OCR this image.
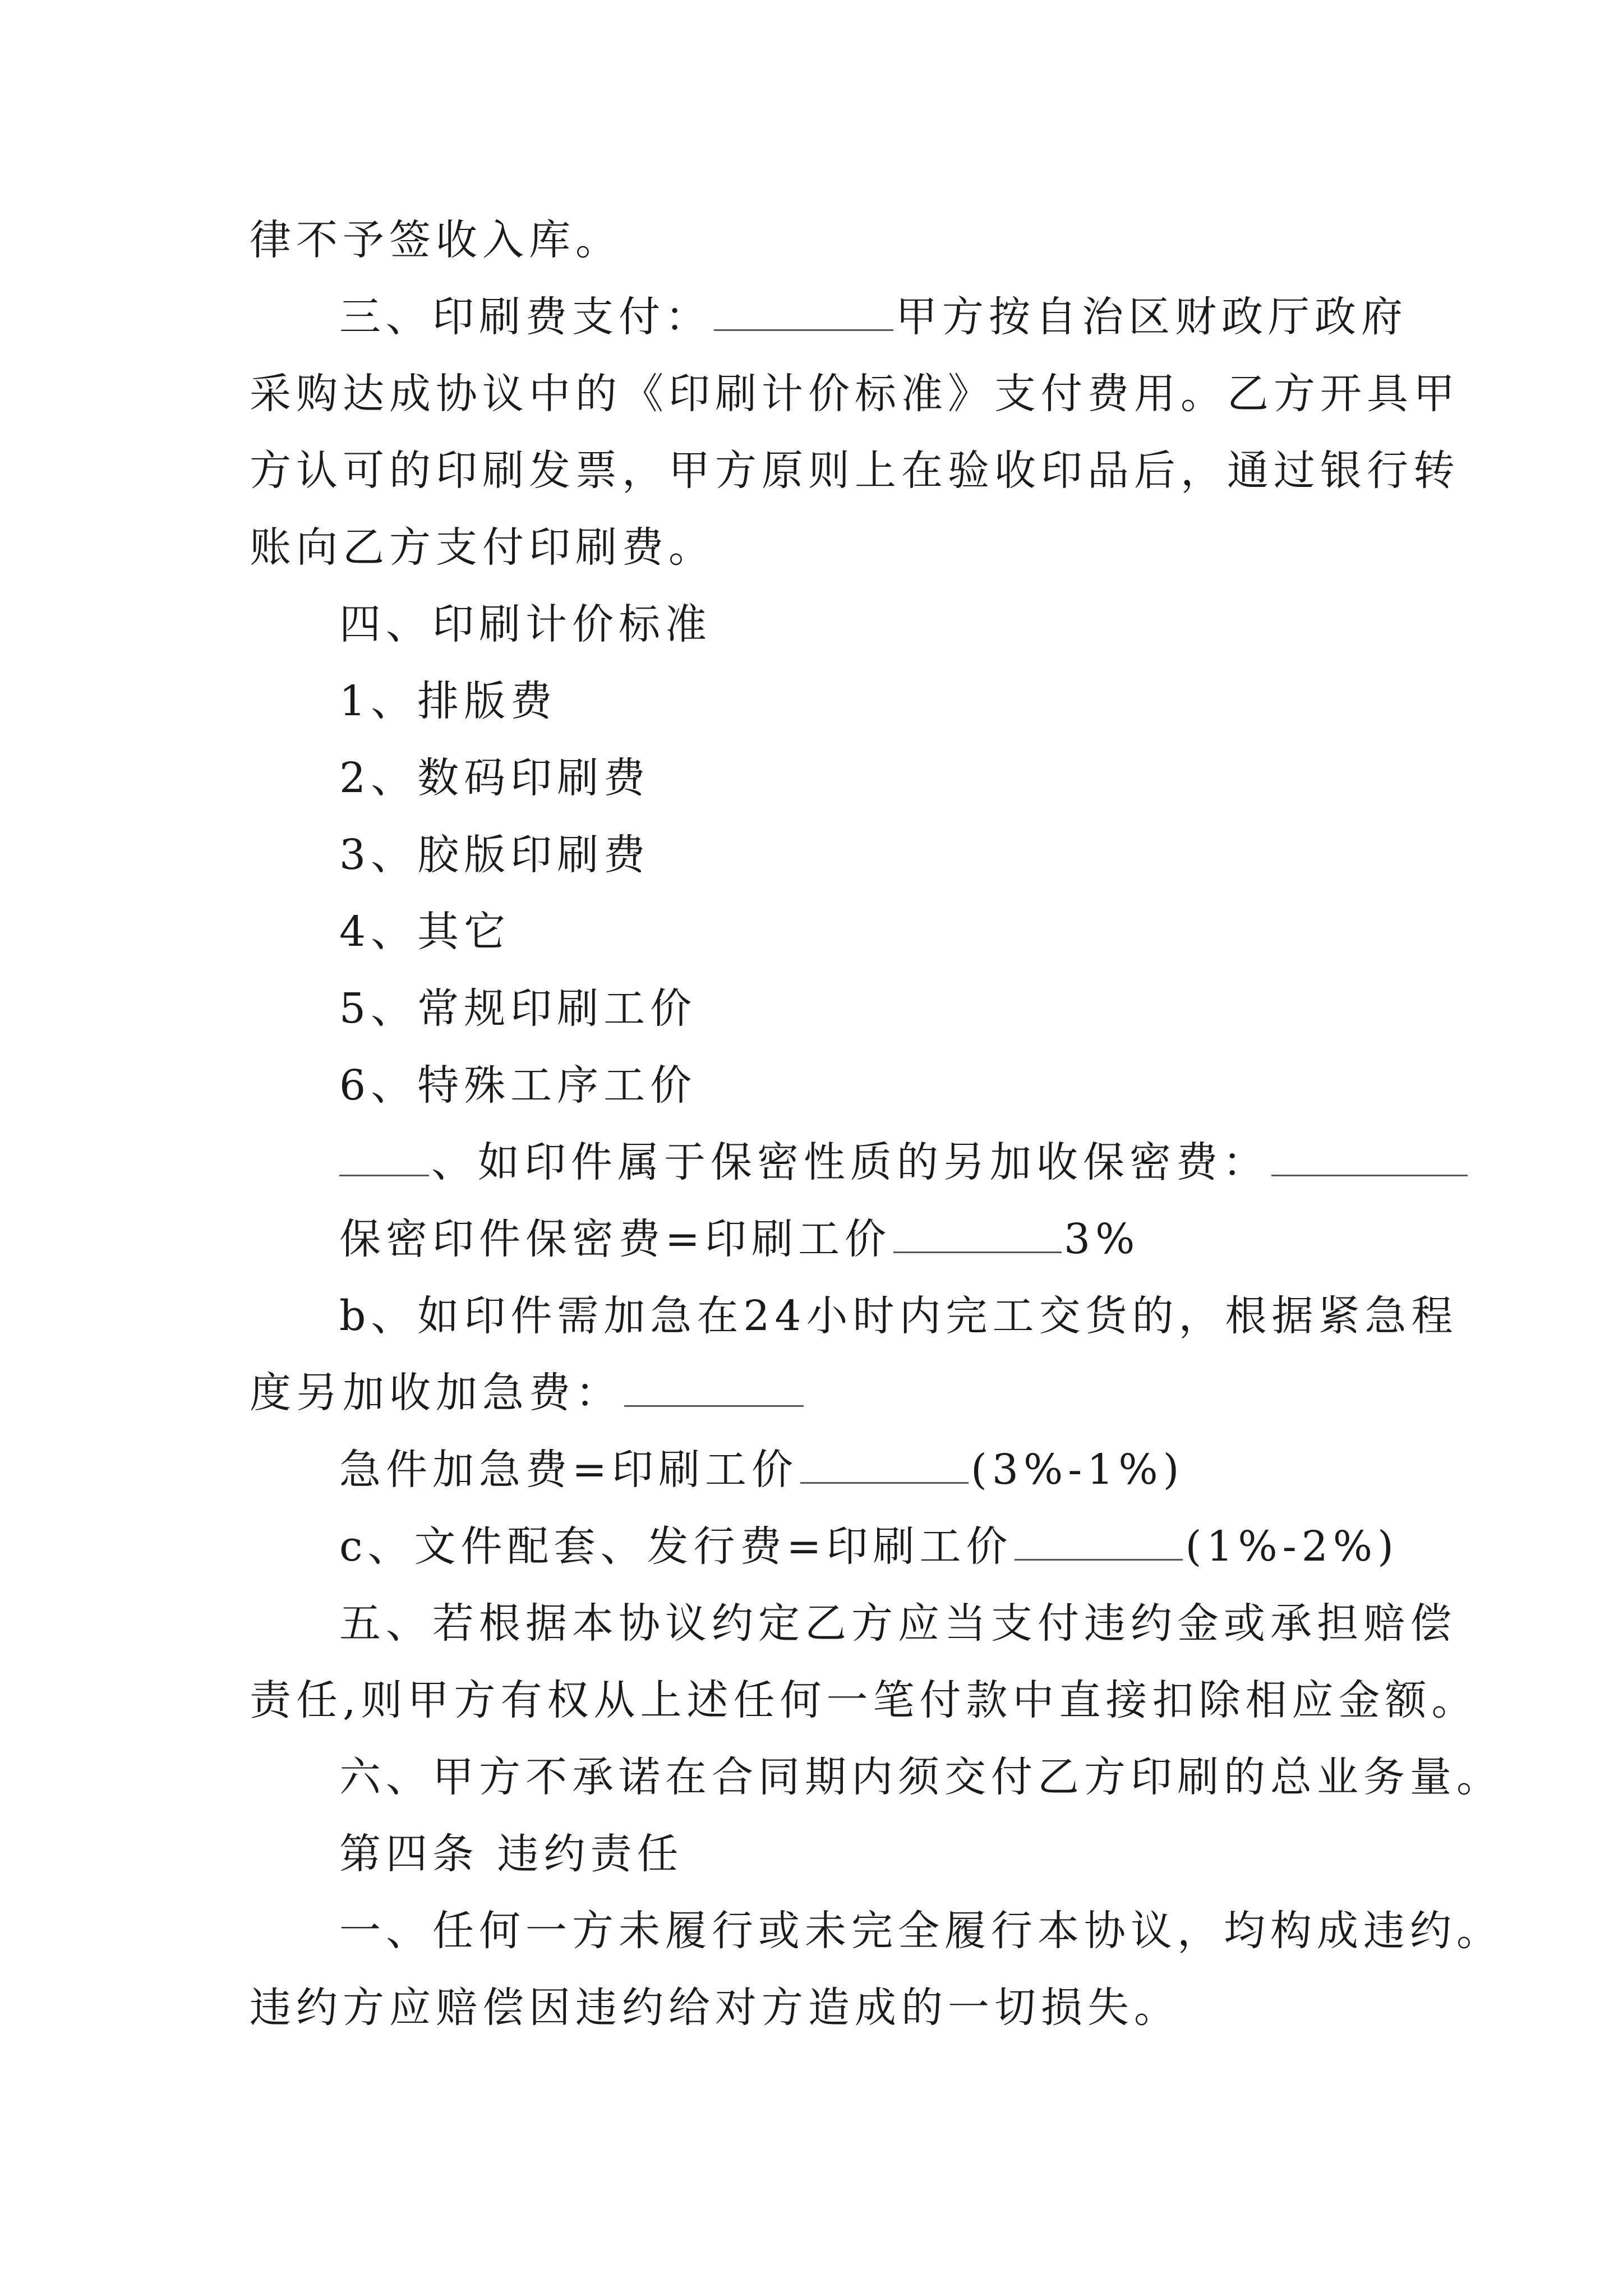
律不予签收入库。
三、印刷费支付：	甲方按自治区财政厅政府
采购达成协议中的《印刷计价标准》支付费用。乙方开具甲
方认可的印刷发票，甲方原则上在验收印品后，通过银行转
账向乙方支付印刷费。
四、印刷计价标准
1、排版费
2、数码印刷费
3、胶版印刷费
4、其它
5、常规印刷工价
6、特殊工序工价
、如印件属于保密性质的另加收保密费：
保密印件保密费=印刷工价	3%
b、如印件需加急在24小时内完工交货的，根据紧急程
度另加收加急费：
急件加急费=印刷工价	(3%-1%)
c、文件配套、发行费=印刷工价	(1%-2%)
五、若根据本协议约定乙方应当支付违约金或承担赔偿
责任,则甲方有权从上述任何一笔付款中直接扣除相应金额。
六、甲方不承诺在合同期内须交付乙方印刷的总业务量。
第四条 违约责任
一、任何一方未履行或未完全履行本协议，均构成违约。
违约方应赔偿因违约给对方造成的一切损失。
